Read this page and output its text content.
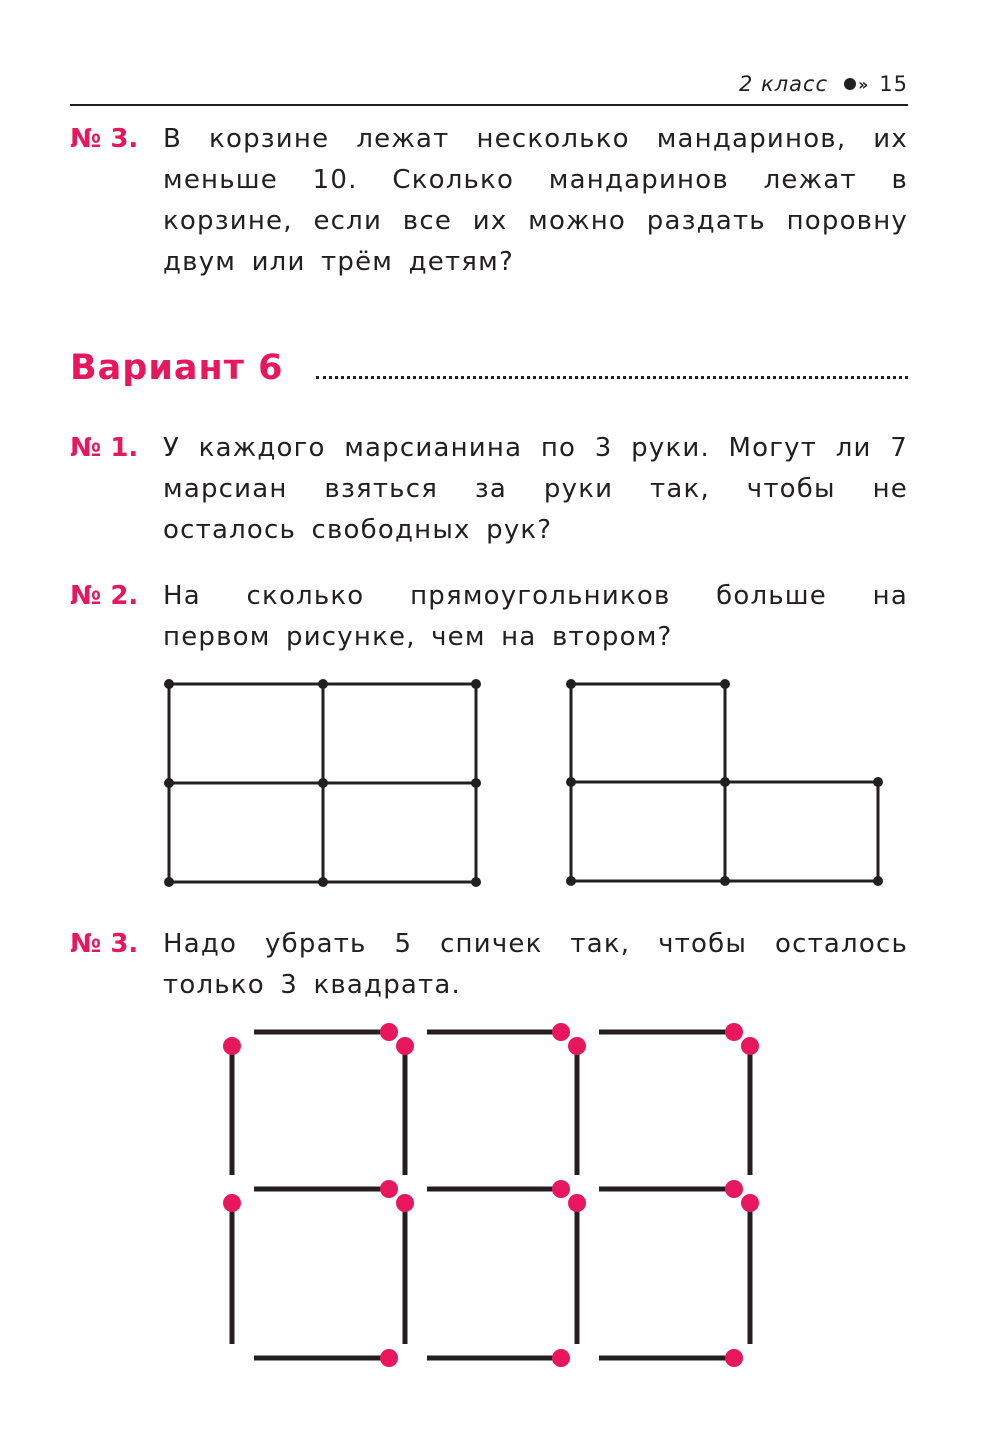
2 класс ›› 15
№ 3. В корзине лежат несколько мандаринов, их меньше 10. Сколько мандаринов лежат в корзине, если все их можно раздать поровну двум или трём детям?
Вариант 6
№ 1. У каждого марсианина по 3 руки. Могут ли 7 марсиан взяться за руки так, чтобы не осталось свободных рук?
№ 2. На сколько прямоугольников больше на первом рисунке, чем на втором?
№ 3. Надо убрать 5 спичек так, чтобы осталось только 3 квадрата.
